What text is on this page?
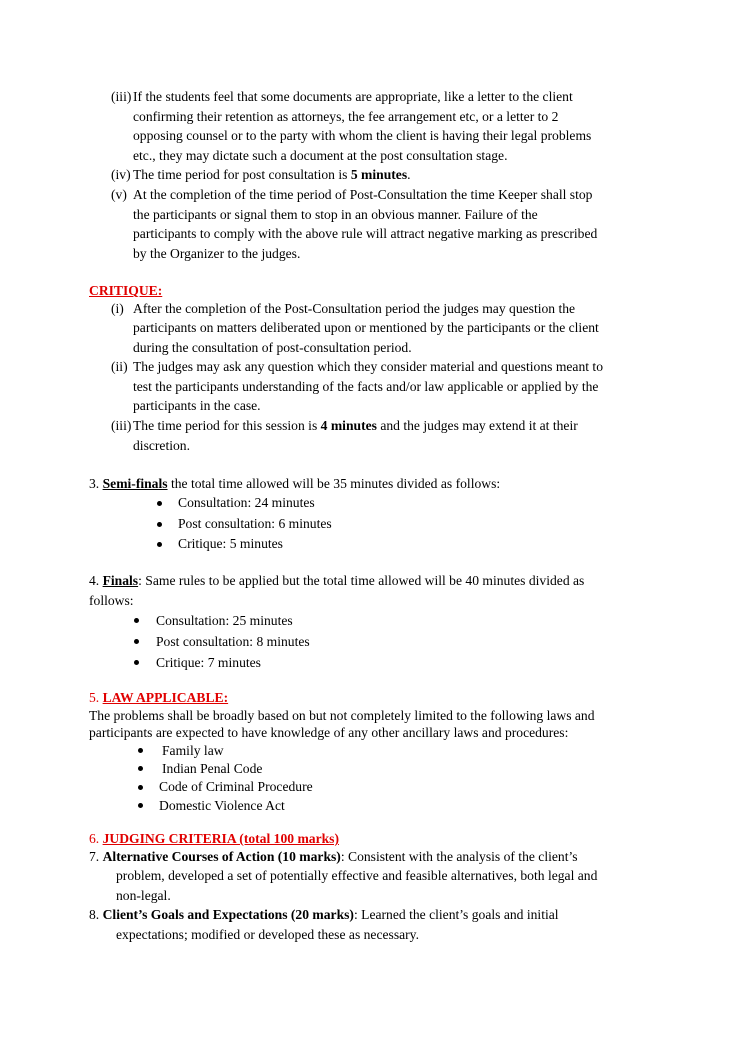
(iii) If the students feel that some documents are appropriate, like a letter to the client
confirming their retention as attorneys, the fee arrangement etc, or a letter to 2
opposing counsel or to the party with whom the client is having their legal problems
etc., they may dictate such a document at the post consultation stage.
(iv) The time period for post consultation is 5 minutes.
(v) At the completion of the time period of Post-Consultation the time Keeper shall stop
the participants or signal them to stop in an obvious manner. Failure of the
participants to comply with the above rule will attract negative marking as prescribed
by the Organizer to the judges.
CRITIQUE:
(i) After the completion of the Post-Consultation period the judges may question the
participants on matters deliberated upon or mentioned by the participants or the client
during the consultation of post-consultation period.
(ii) The judges may ask any question which they consider material and questions meant to
test the participants understanding of the facts and/or law applicable or applied by the
participants in the case.
(iii) The time period for this session is 4 minutes and the judges may extend it at their
discretion.
3. Semi-finals the total time allowed will be 35 minutes divided as follows:
Consultation: 24 minutes
Post consultation: 6 minutes
Critique: 5 minutes
4. Finals: Same rules to be applied but the total time allowed will be 40 minutes divided as
follows:
Consultation: 25 minutes
Post consultation: 8 minutes
Critique: 7 minutes
5. LAW APPLICABLE:
The problems shall be broadly based on but not completely limited to the following laws and
participants are expected to have knowledge of any other ancillary laws and procedures:
Family law
Indian Penal Code
Code of Criminal Procedure
Domestic Violence Act
6. JUDGING CRITERIA (total 100 marks)
7. Alternative Courses of Action (10 marks): Consistent with the analysis of the client’s
problem, developed a set of potentially effective and feasible alternatives, both legal and
non-legal.
8. Client’s Goals and Expectations (20 marks): Learned the client’s goals and initial
expectations; modified or developed these as necessary.
